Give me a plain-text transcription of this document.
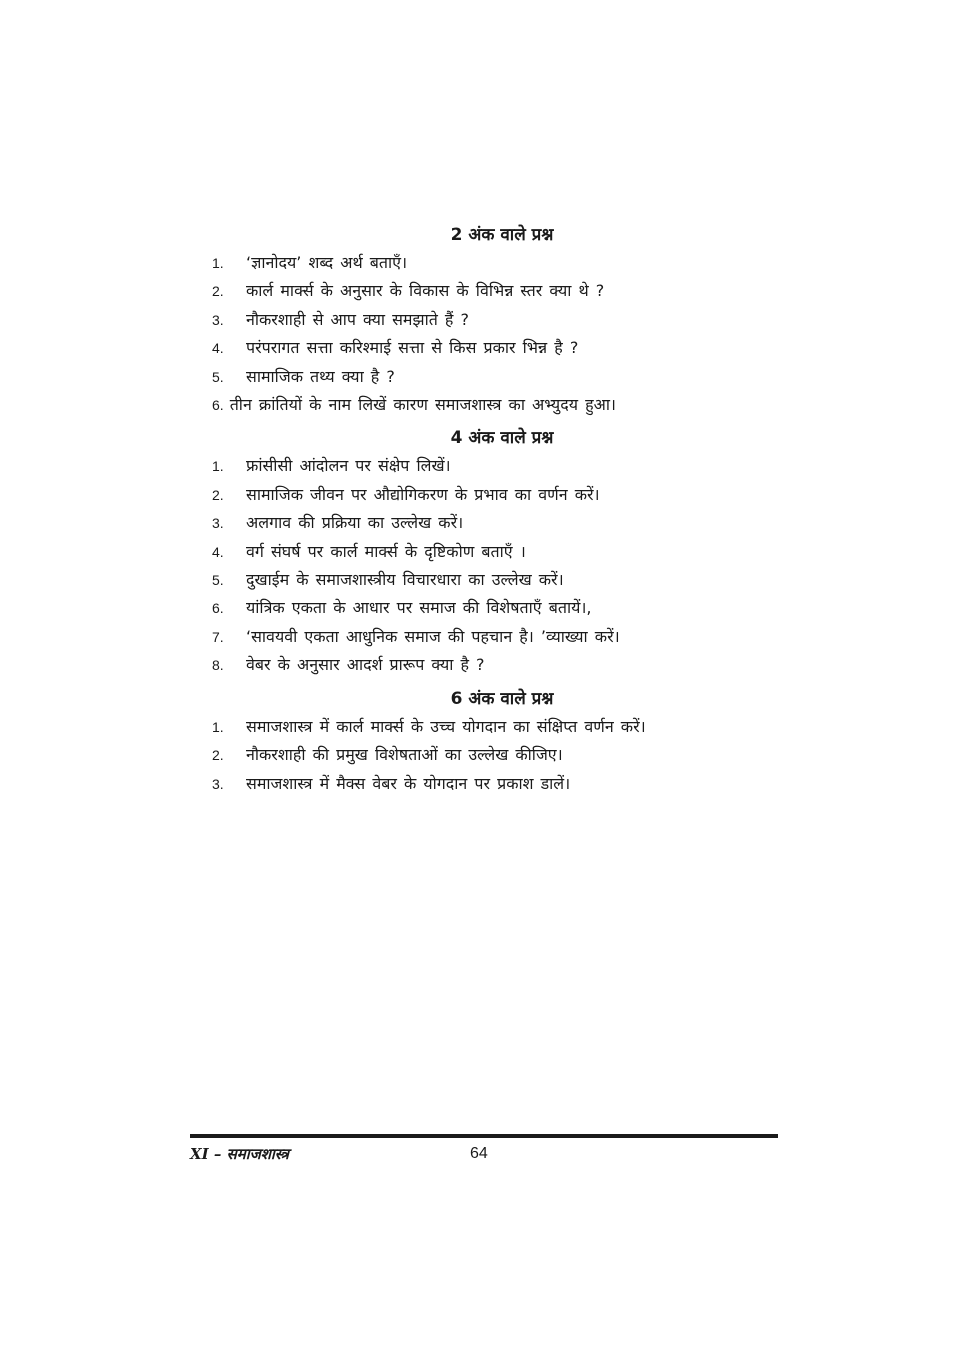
2 अंक वाले प्रश्न
1.	‘ज्ञानोदय’ शब्द अर्थ बताएँ।
2.	कार्ल मार्क्स के अनुसार के विकास के विभिन्न स्तर क्या थे ?
3.	नौकरशाही से आप क्या समझाते हैं ?
4.	परंपरागत सत्ता करिश्माई सत्ता से किस प्रकार भिन्न है ?
5.	सामाजिक तथ्य क्या है ?
6. तीन क्रांतियों के नाम लिखें कारण समाजशास्त्र का अभ्युदय हुआ।
4 अंक वाले प्रश्न
1.	फ्रांसीसी आंदोलन पर संक्षेप लिखें।
2.	सामाजिक जीवन पर औद्योगिकरण के प्रभाव का वर्णन करें।
3.	अलगाव की प्रक्रिया का उल्लेख करें।
4.	वर्ग संघर्ष पर कार्ल मार्क्स के दृष्टिकोण बताएँ ।
5.	दुखाईम के समाजशास्त्रीय विचारधारा का उल्लेख करें।
6.	यांत्रिक एकता के आधार पर समाज की विशेषताएँ बतायें।,
7.	‘सावयवी एकता आधुनिक समाज की पहचान है। ’व्याख्या करें।
8.	वेबर के अनुसार आदर्श प्रारूप क्या है ?
6 अंक वाले प्रश्न
1.	समाजशास्त्र में कार्ल मार्क्स के उच्च योगदान का संक्षिप्त वर्णन करें।
2.	नौकरशाही की प्रमुख विशेषताओं का उल्लेख कीजिए।
3.	समाजशास्त्र में मैक्स वेबर के योगदान पर प्रकाश डालें।
XI – समाजशास्त्र	64
